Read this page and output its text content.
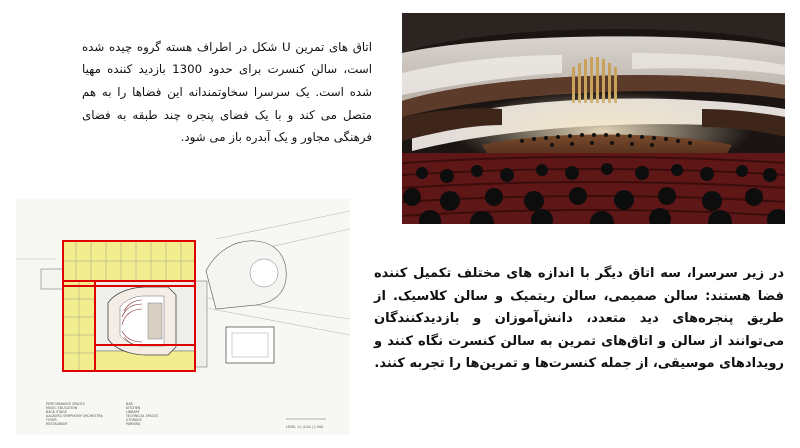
اتاق های تمرین U شکل در اطراف هسته گروه چیده شده است، سالن کنسرت برای حدود 1300 بازدید کننده مهیا شده است. یک سرسرا سخاوتمندانه این فضاها را به هم متصل می کند و با یک فضای پنجره چند طبقه به فضای فرهنگی مجاور و یک آبدره باز می شود.

PERFORMANCE SPACES
MUSIC EDUCATION
BACK STAGE
AALBORG SYMPHONY ORCHESTRA
FOYER
RESTAURANT
BAR
KITCHEN
LIBRARY
TECHNICAL SPACES
STORAGE
PARKING
LEVEL +/- 0.00 | 1:500

در زیر سرسرا، سه اتاق دیگر با اندازه های مختلف تکمیل کننده فضا هستند: سالن صمیمی، سالن ریتمیک و سالن کلاسیک. از طریق پنجره‌های دید متعدد، دانش‌آموزان و بازدیدکنندگان می‌توانند از سالن و اتاق‌های تمرین به سالن کنسرت نگاه کنند و رویدادهای موسیقی، از جمله کنسرت‌ها و تمرین‌ها را تجربه کنند.
